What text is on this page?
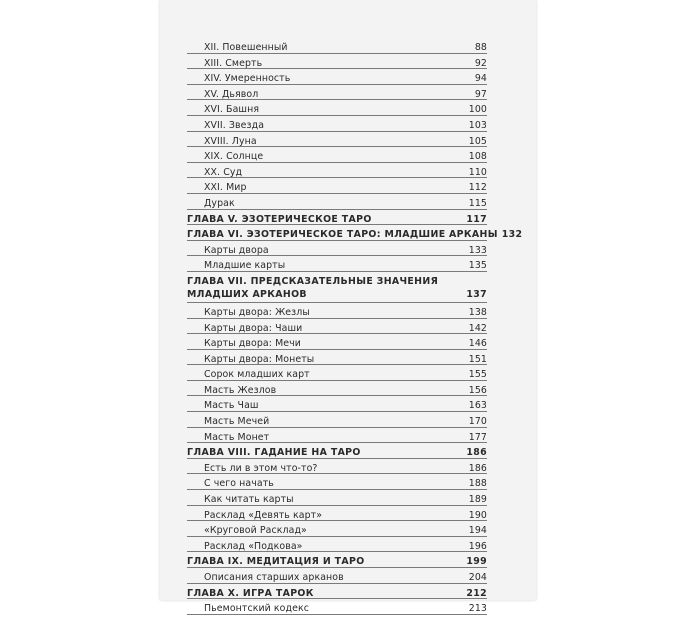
XII. Повешенный	88
XIII. Смерть	92
XIV. Умеренность	94
XV. Дьявол	97
XVI. Башня	100
XVII. Звезда	103
XVIII. Луна	105
XIX. Солнце	108
XX. Суд	110
XXI. Мир	112
Дурак	115
ГЛАВА V. ЭЗОТЕРИЧЕСКОЕ ТАРО	117
ГЛАВА VI. ЭЗОТЕРИЧЕСКОЕ ТАРО: МЛАДШИЕ АРКАНЫ 132
Карты двора	133
Младшие карты	135
ГЛАВА VII. ПРЕДСКАЗАТЕЛЬНЫЕ ЗНАЧЕНИЯ
МЛАДШИХ АРКАНОВ	137
Карты двора: Жезлы	138
Карты двора: Чаши	142
Карты двора: Мечи	146
Карты двора: Монеты	151
Сорок младших карт	155
Масть Жезлов	156
Масть Чаш	163
Масть Мечей	170
Масть Монет	177
ГЛАВА VIII. ГАДАНИЕ НА ТАРО	186
Есть ли в этом что-то?	186
С чего начать	188
Как читать карты	189
Расклад «Девять карт»	190
«Круговой Расклад»	194
Расклад «Подкова»	196
ГЛАВА IX. МЕДИТАЦИЯ И ТАРО	199
Описания старших арканов	204
ГЛАВА X. ИГРА ТАРОК	212
Пьемонтский кодекс	213
